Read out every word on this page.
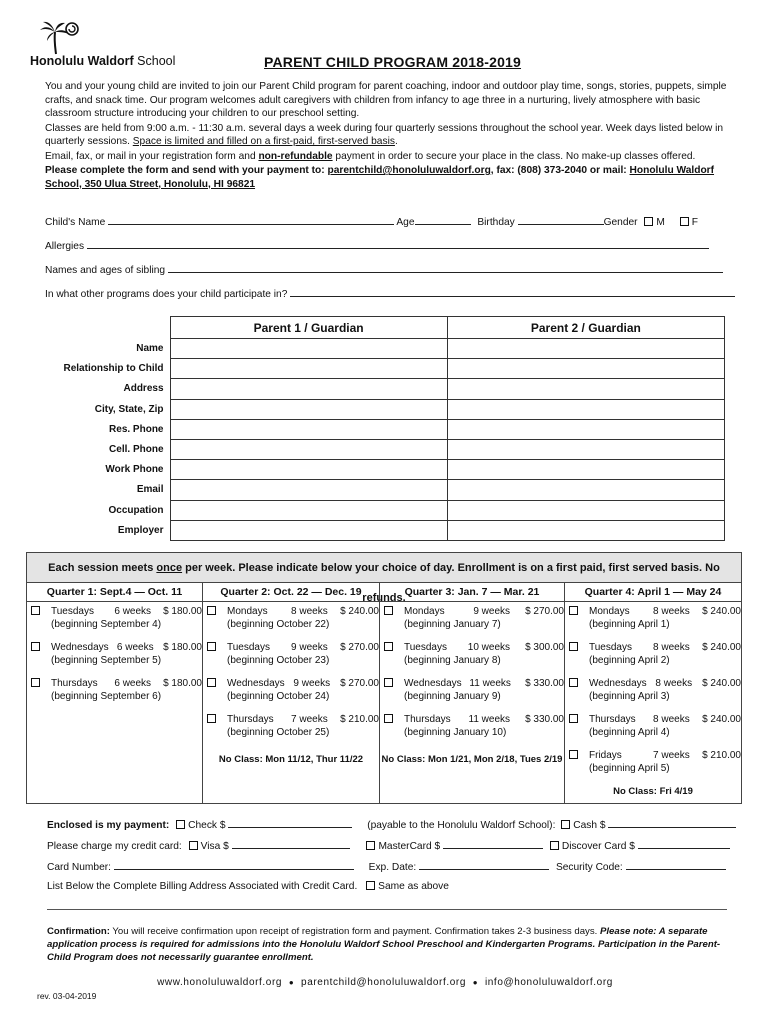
Honolulu Waldorf School	PARENT CHILD PROGRAM 2018-2019

You and your young child are invited to join our Parent Child program for parent coaching, indoor and outdoor play time, songs, stories, puppets, simple crafts, and snack time. Our program welcomes adult caregivers with children from infancy to age three in a nurturing, lively atmosphere with basic classroom structure introducing your children to our preschool setting.

Classes are held from 9:00 a.m. - 11:30 a.m. several days a week during four quarterly sessions throughout the school year. Week days listed below in quarterly sessions. Space is limited and filled on a first-paid, first-served basis.

Email, fax, or mail in your registration form and non-refundable payment in order to secure your place in the class. No make-up classes offered.

Please complete the form and send with your payment to: parentchild@honoluluwaldorf.org, fax: (808) 373-2040 or mail: Honolulu Waldorf School, 350 Ulua Street, Honolulu, HI 96821

Child's Name	Age	Birthday	Gender M	F
Allergies
Names and ages of sibling
In what other programs does your child participate in?
	Parent 1 / Guardian	Parent 2 / Guardian
Name		
Relationship to Child		
Address		
City, State, Zip		
Res. Phone		
Cell. Phone		
Work Phone		
Email		
Occupation		
Employer		
Each session meets once per week. Please indicate below your choice of day. Enrollment is on a first paid, first served basis. No refunds.
Quarter 1: Sept.4 — Oct. 11
Tuesdays	6 weeks	$ 180.00
(beginning September 4)
Wednesdays 6 weeks $ 180.00
(beginning September 5)
Thursdays	6 weeks	$ 180.00
(beginning September 6)
Quarter 2: Oct. 22 — Dec. 19
Mondays	8 weeks	$ 240.00
(beginning October 22)
Tuesdays	9 weeks	$ 270.00
(beginning October 23)
Wednesdays 9 weeks $ 270.00
(beginning October 24)
Thursdays	7 weeks	$ 210.00
(beginning October 25)
No Class: Mon 11/12, Thur 11/22
Quarter 3: Jan. 7 — Mar. 21
Mondays	9 weeks	$ 270.00
(beginning January 7)
Tuesdays	10 weeks	$ 300.00
(beginning January 8)
Wednesdays 11 weeks	$ 330.00
(beginning January 9)
Thursdays	11 weeks	$ 330.00
(beginning January 10)
No Class: Mon 1/21, Mon 2/18, Tues 2/19
Quarter 4: April 1 — May 24
Mondays	8 weeks	$ 240.00
(beginning April 1)
Tuesdays	8 weeks	$ 240.00
(beginning April 2)
Wednesdays 8 weeks $ 240.00
(beginning April 3)
Thursdays	8 weeks	$ 240.00
(beginning April 4)
Fridays	7 weeks	$ 210.00
(beginning April 5)
No Class: Fri 4/19
Enclosed is my payment: Check $	(payable to the Honolulu Waldorf School): Cash $
Please charge my credit card: Visa $	MasterCard $	Discover Card $
Card Number:	Exp. Date:	Security Code:
List Below the Complete Billing Address Associated with Credit Card. Same as above
Confirmation: You will receive confirmation upon receipt of registration form and payment. Confirmation takes 2-3 business days. Please note: A separate application process is required for admissions into the Honolulu Waldorf School Preschool and Kindergarten Programs. Participation in the Parent-Child Program does not necessarily guarantee enrollment.
www.honoluluwaldorf.org ● parentchild@honoluluwaldorf.org ● info@honoluluwaldorf.org
rev. 03-04-2019
